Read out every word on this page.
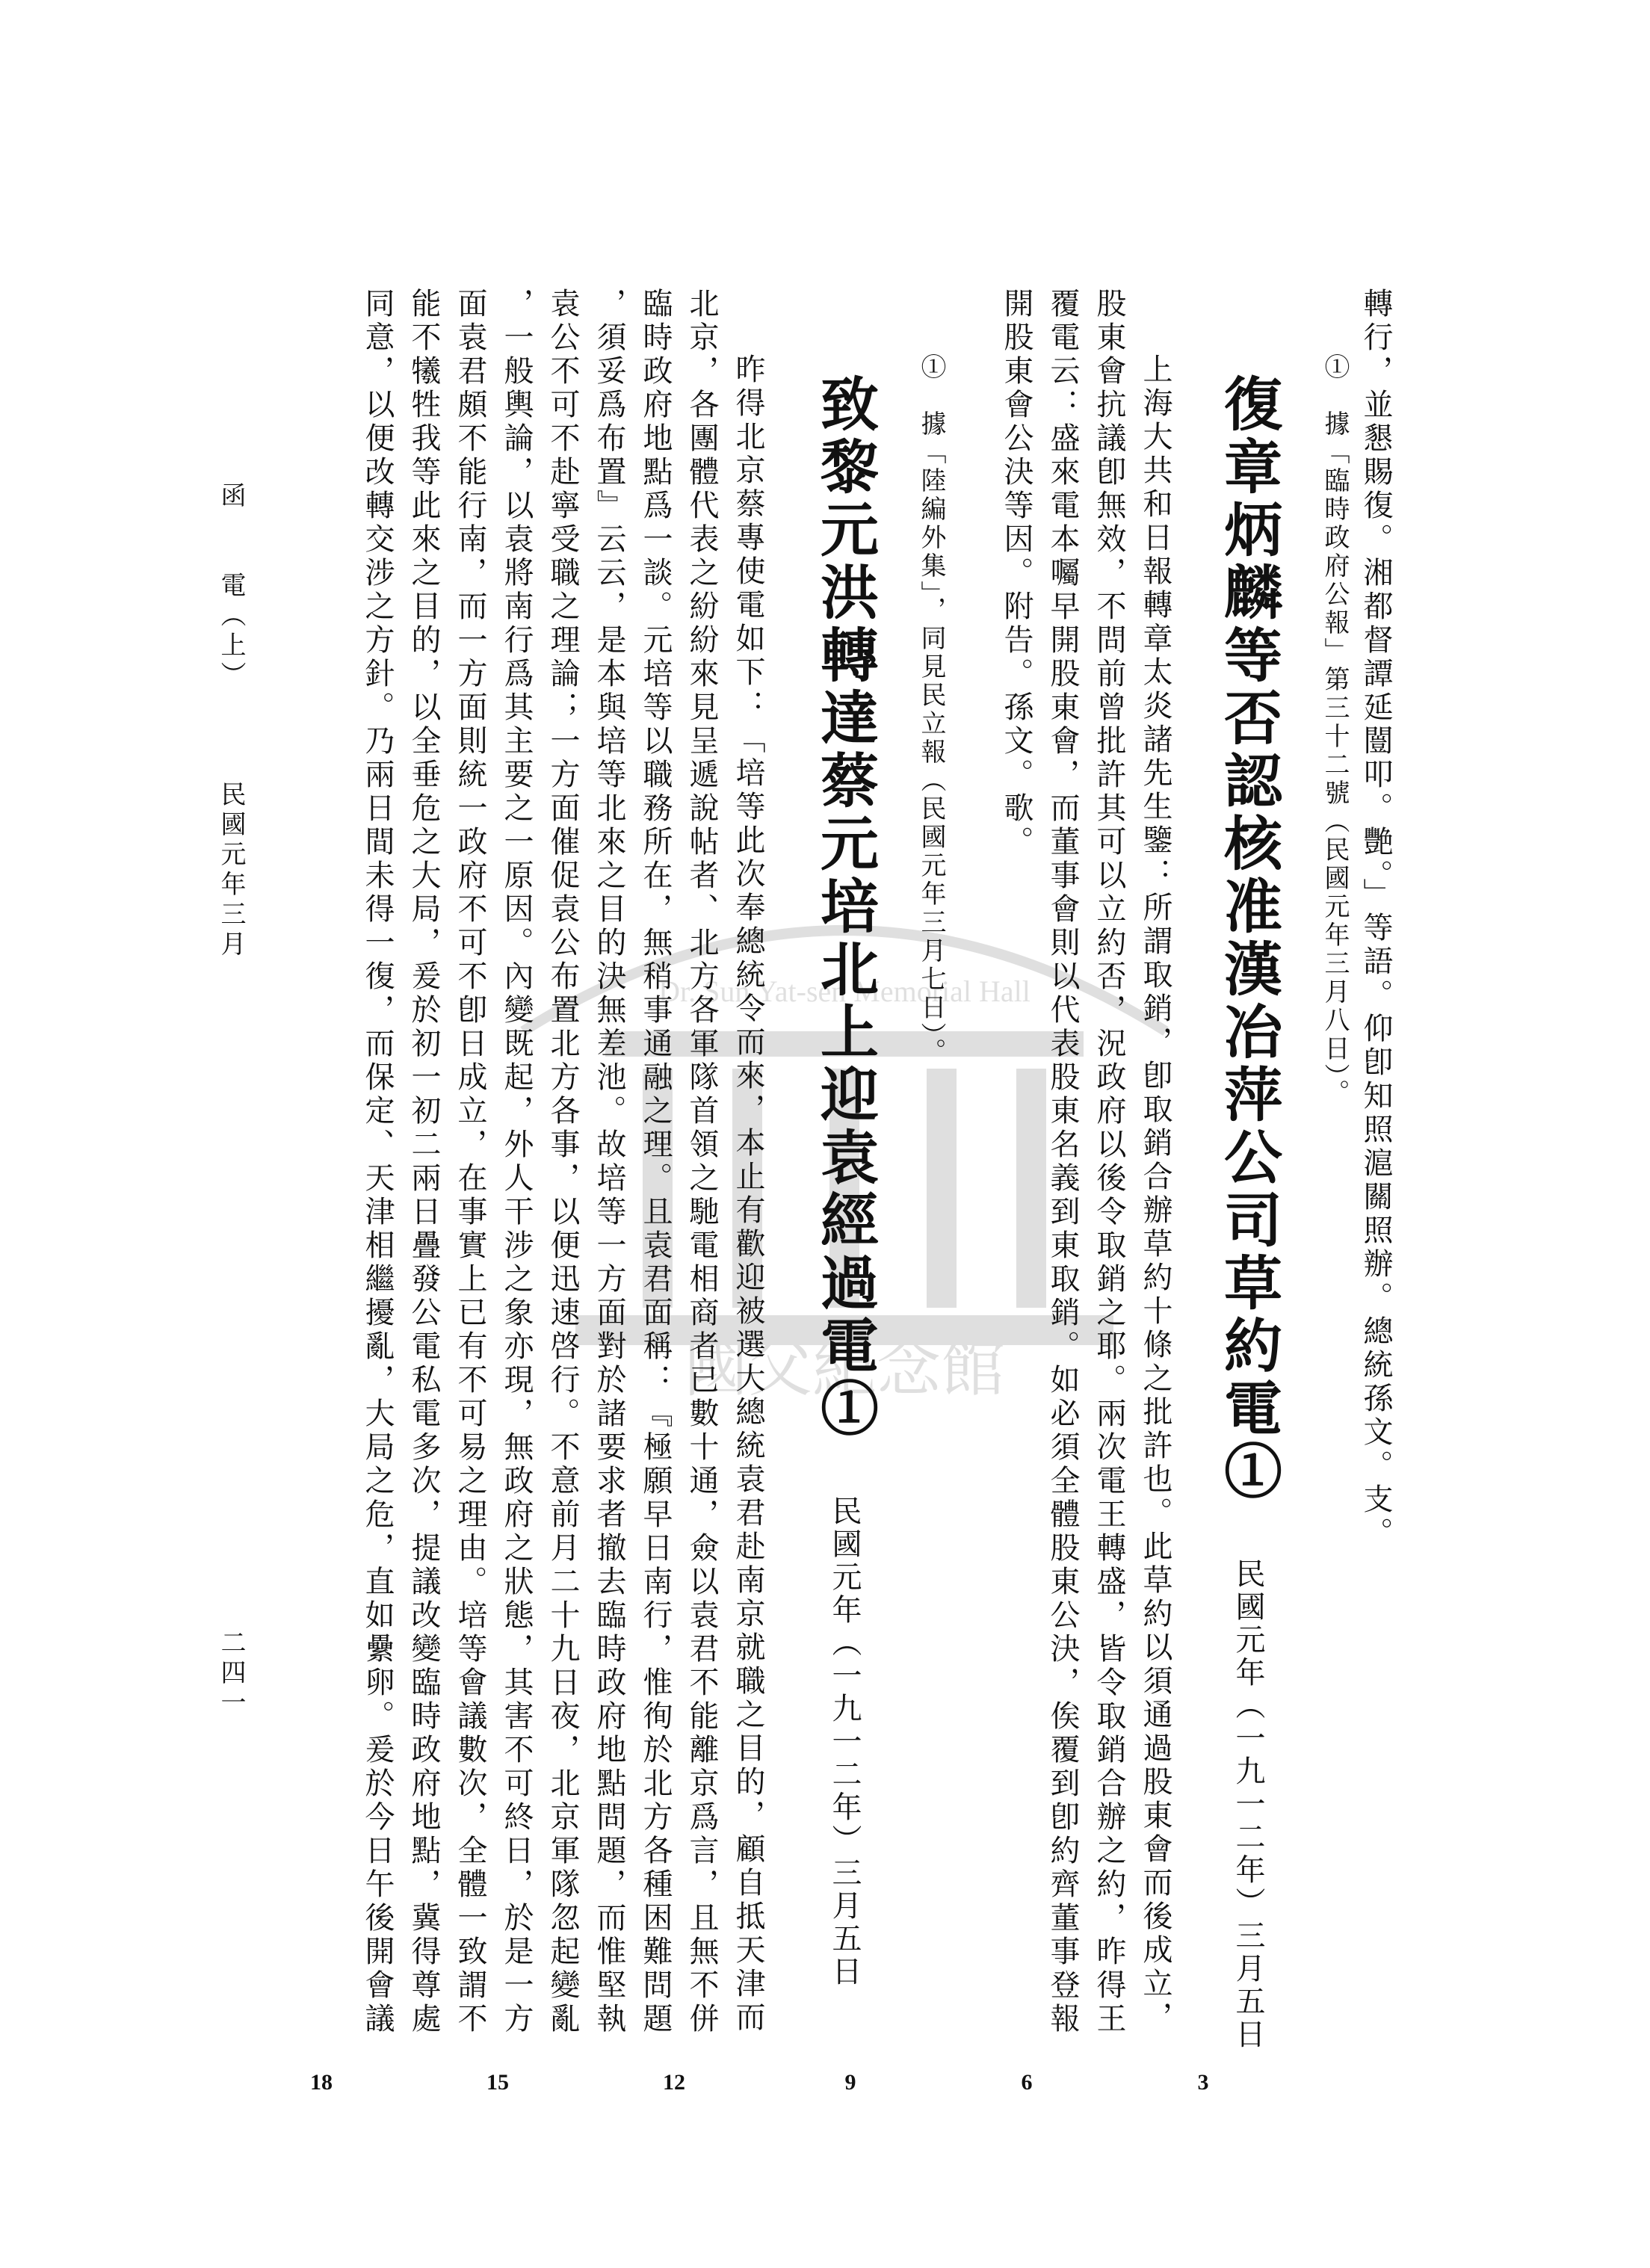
國父紀念館
Dr. Sun Yat-sen Memorial Hall	轉行，並懇賜復。湘都督譚延闓叩。艷。」等語。仰卽知照滬關照辦。總統孫文。支。
①　據「臨時政府公報」第三十二號（民國元年三月八日）。
復章炳麟等否認核准漢冶萍公司草約電① 民國元年（一九一二年）三月五日
上海大共和日報轉章太炎諸先生鑒：所謂取銷，卽取銷合辦草約十條之批許也。此草約以須通過股東會而後成立，
股東會抗議卽無效，不問前曾批許其可以立約否，況政府以後令取銷之耶。兩次電王轉盛，皆令取銷合辦之約，昨得王
覆電云：盛來電本囑早開股東會，而董事會則以代表股東名義到東取銷。如必須全體股東公決，俟覆到卽約齊董事登報
開股東會公決等因。附告。孫文。歌。
①　據「陸編外集」，同見民立報（民國元年三月七日）。
致黎元洪轉達蔡元培北上迎袁經過電① 民國元年（一九一二年）三月五日
昨得北京蔡專使電如下：「培等此次奉總統令而來，本止有歡迎被選大總統袁君赴南京就職之目的，顧自抵天津而
北京，各團體代表之紛紛來見呈遞說帖者、北方各軍隊首領之馳電相商者已數十通，僉以袁君不能離京爲言，且無不併
臨時政府地點爲一談。元培等以職務所在，無稍事通融之理。且袁君面稱：『極願早日南行，惟徇於北方各種困難問題
，須妥爲布置』云云，是本與培等北來之目的決無差池。故培等一方面對於諸要求者撤去臨時政府地點問題，而惟堅執
袁公不可不赴寧受職之理論；一方面催促袁公布置北方各事，以便迅速啓行。不意前月二十九日夜，北京軍隊忽起變亂
，一般輿論，以袁將南行爲其主要之一原因。內變既起，外人干涉之象亦現，無政府之狀態，其害不可終日，於是一方
面袁君頗不能行南，而一方面則統一政府不可不卽日成立，在事實上已有不可易之理由。培等會議數次，全體一致謂不
能不犧牲我等此來之目的，以全垂危之大局，爰於初一初二兩日疊發公電私電多次，提議改變臨時政府地點，冀得尊處
同意，以便改轉交涉之方針。乃兩日間未得一復，而保定、天津相繼擾亂，大局之危，直如纍卵。爰於今日午後開會議
3
6
9
12
15
18
函　　電（上）
民國元年三月
二四一
